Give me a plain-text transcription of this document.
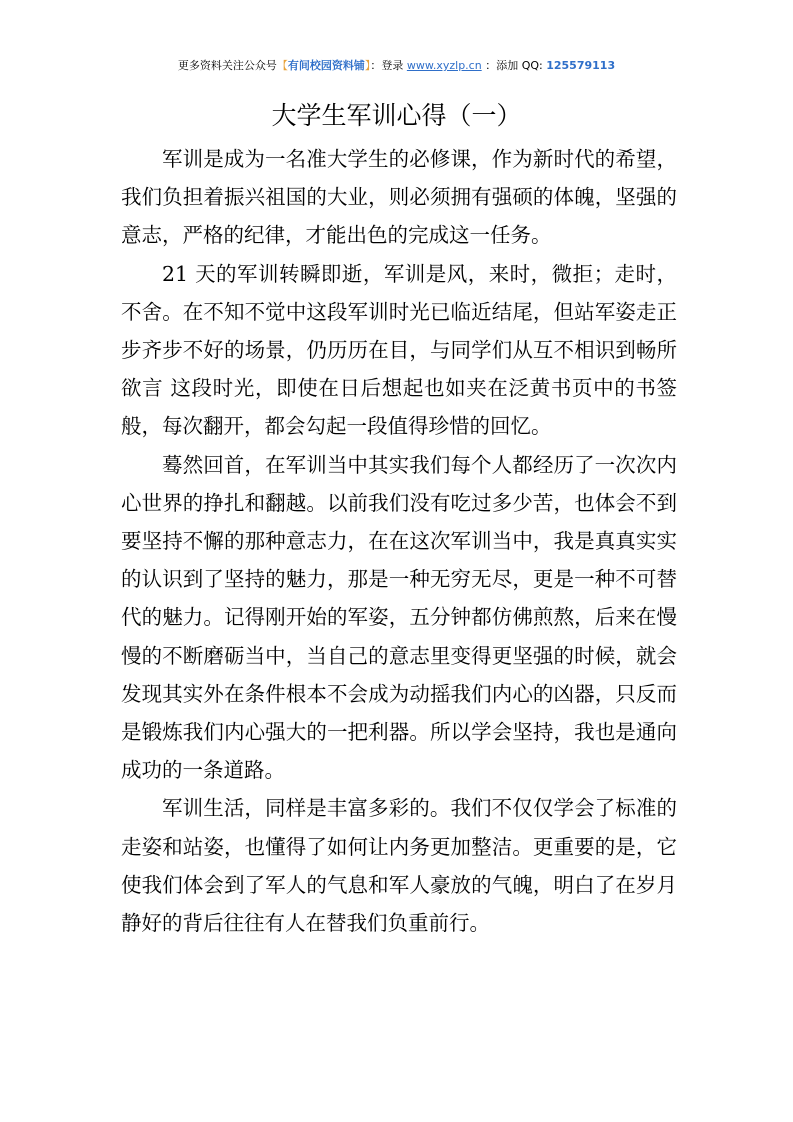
更多资料关注公众号【有间校园资料铺】：登录 www.xyzlp.cn ：添加 QQ: 125579113
大学生军训心得（一）

军训是成为一名准大学生的必修课，作为新时代的希望，我们负担着振兴祖国的大业，则必须拥有强硕的体魄，坚强的意志，严格的纪律，才能出色的完成这一任务。

21 天的军训转瞬即逝，军训是风，来时，微拒；走时，不舍。在不知不觉中这段军训时光已临近结尾，但站军姿走正步齐步不好的场景，仍历历在目，与同学们从互不相识到畅所欲言 这段时光，即使在日后想起也如夹在泛黄书页中的书签般，每次翻开，都会勾起一段值得珍惜的回忆。

蓦然回首，在军训当中其实我们每个人都经历了一次次内心世界的挣扎和翻越。以前我们没有吃过多少苦，也体会不到要坚持不懈的那种意志力，在在这次军训当中，我是真真实实的认识到了坚持的魅力，那是一种无穷无尽，更是一种不可替代的魅力。记得刚开始的军姿，五分钟都仿佛煎熬，后来在慢慢的不断磨砺当中，当自己的意志里变得更坚强的时候，就会发现其实外在条件根本不会成为动摇我们内心的凶器，只反而是锻炼我们内心强大的一把利器。所以学会坚持，我也是通向成功的一条道路。

军训生活，同样是丰富多彩的。我们不仅仅学会了标准的走姿和站姿，也懂得了如何让内务更加整洁。更重要的是，它使我们体会到了军人的气息和军人豪放的气魄，明白了在岁月静好的背后往往有人在替我们负重前行。
